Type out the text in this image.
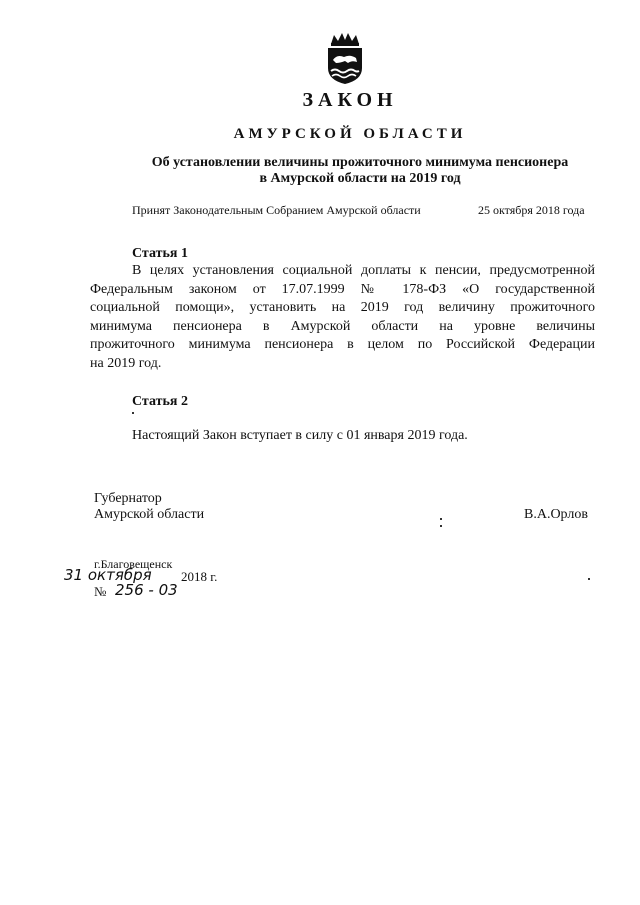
ЗАКОН
АМУРСКОЙ ОБЛАСТИ
Об установлении величины прожиточного минимума пенсионера
в Амурской области на 2019 год
Принят Законодательным Собранием Амурской области	25 октября 2018 года
Статья 1
В целях установления социальной доплаты к пенсии, предусмотренной
Федеральным законом от 17.07.1999 № 178-ФЗ «О государственной
социальной помощи», установить на 2019 год величину прожиточного
минимума пенсионера в Амурской области на уровне величины
прожиточного минимума пенсионера в целом по Российской Федерации
на 2019 год.
Статья 2
Настоящий Закон вступает в силу с 01 января 2019 года.
Губернатор
Амурской области	В.А.Орлов
г.Благовещенск
31 октября 2018 г.
№ 256 - 03
